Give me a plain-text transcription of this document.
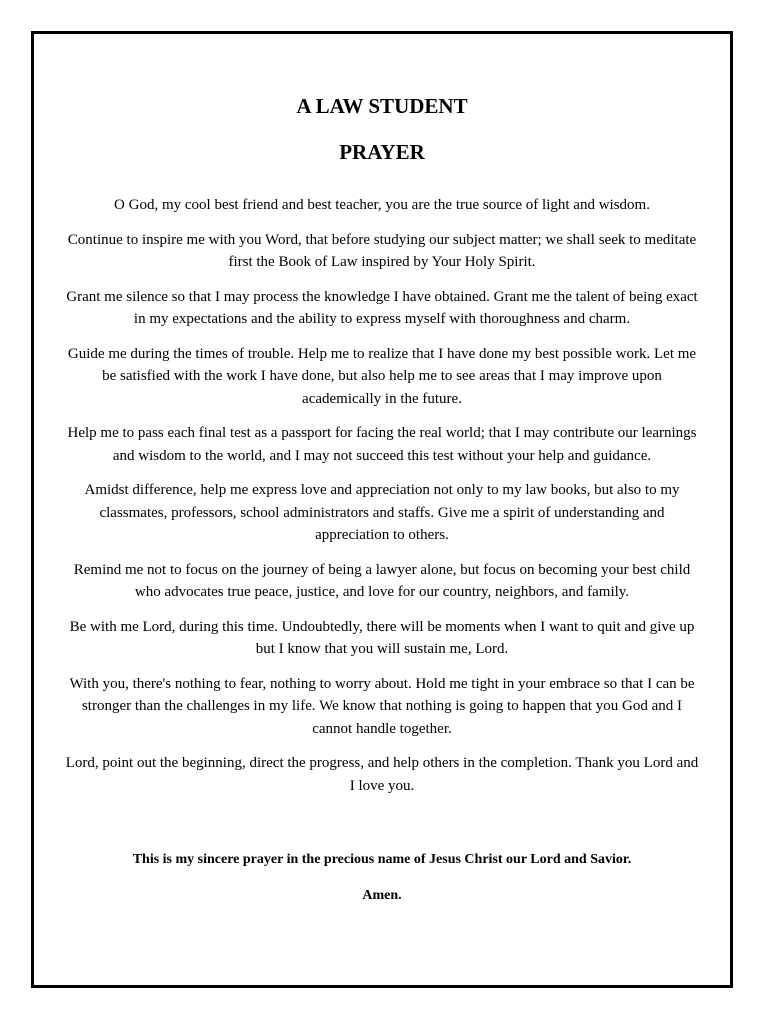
A LAW STUDENT
PRAYER

O God, my cool best friend and best teacher, you are the true source of light and wisdom.

Continue to inspire me with you Word, that before studying our subject matter; we shall seek to meditate first the Book of Law inspired by Your Holy Spirit.

Grant me silence so that I may process the knowledge I have obtained. Grant me the talent of being exact in my expectations and the ability to express myself with thoroughness and charm.

Guide me during the times of trouble. Help me to realize that I have done my best possible work. Let me be satisfied with the work I have done, but also help me to see areas that I may improve upon academically in the future.

Help me to pass each final test as a passport for facing the real world; that I may contribute our learnings and wisdom to the world, and I may not succeed this test without your help and guidance.

Amidst difference, help me express love and appreciation not only to my law books, but also to my classmates, professors, school administrators and staffs. Give me a spirit of understanding and appreciation to others.

Remind me not to focus on the journey of being a lawyer alone, but focus on becoming your best child who advocates true peace, justice, and love for our country, neighbors, and family.

Be with me Lord, during this time. Undoubtedly, there will be moments when I want to quit and give up but I know that you will sustain me, Lord.

With you, there's nothing to fear, nothing to worry about. Hold me tight in your embrace so that I can be stronger than the challenges in my life. We know that nothing is going to happen that you God and I cannot handle together.

Lord, point out the beginning, direct the progress, and help others in the completion. Thank you Lord and I love you.

This is my sincere prayer in the precious name of Jesus Christ our Lord and Savior.

Amen.
